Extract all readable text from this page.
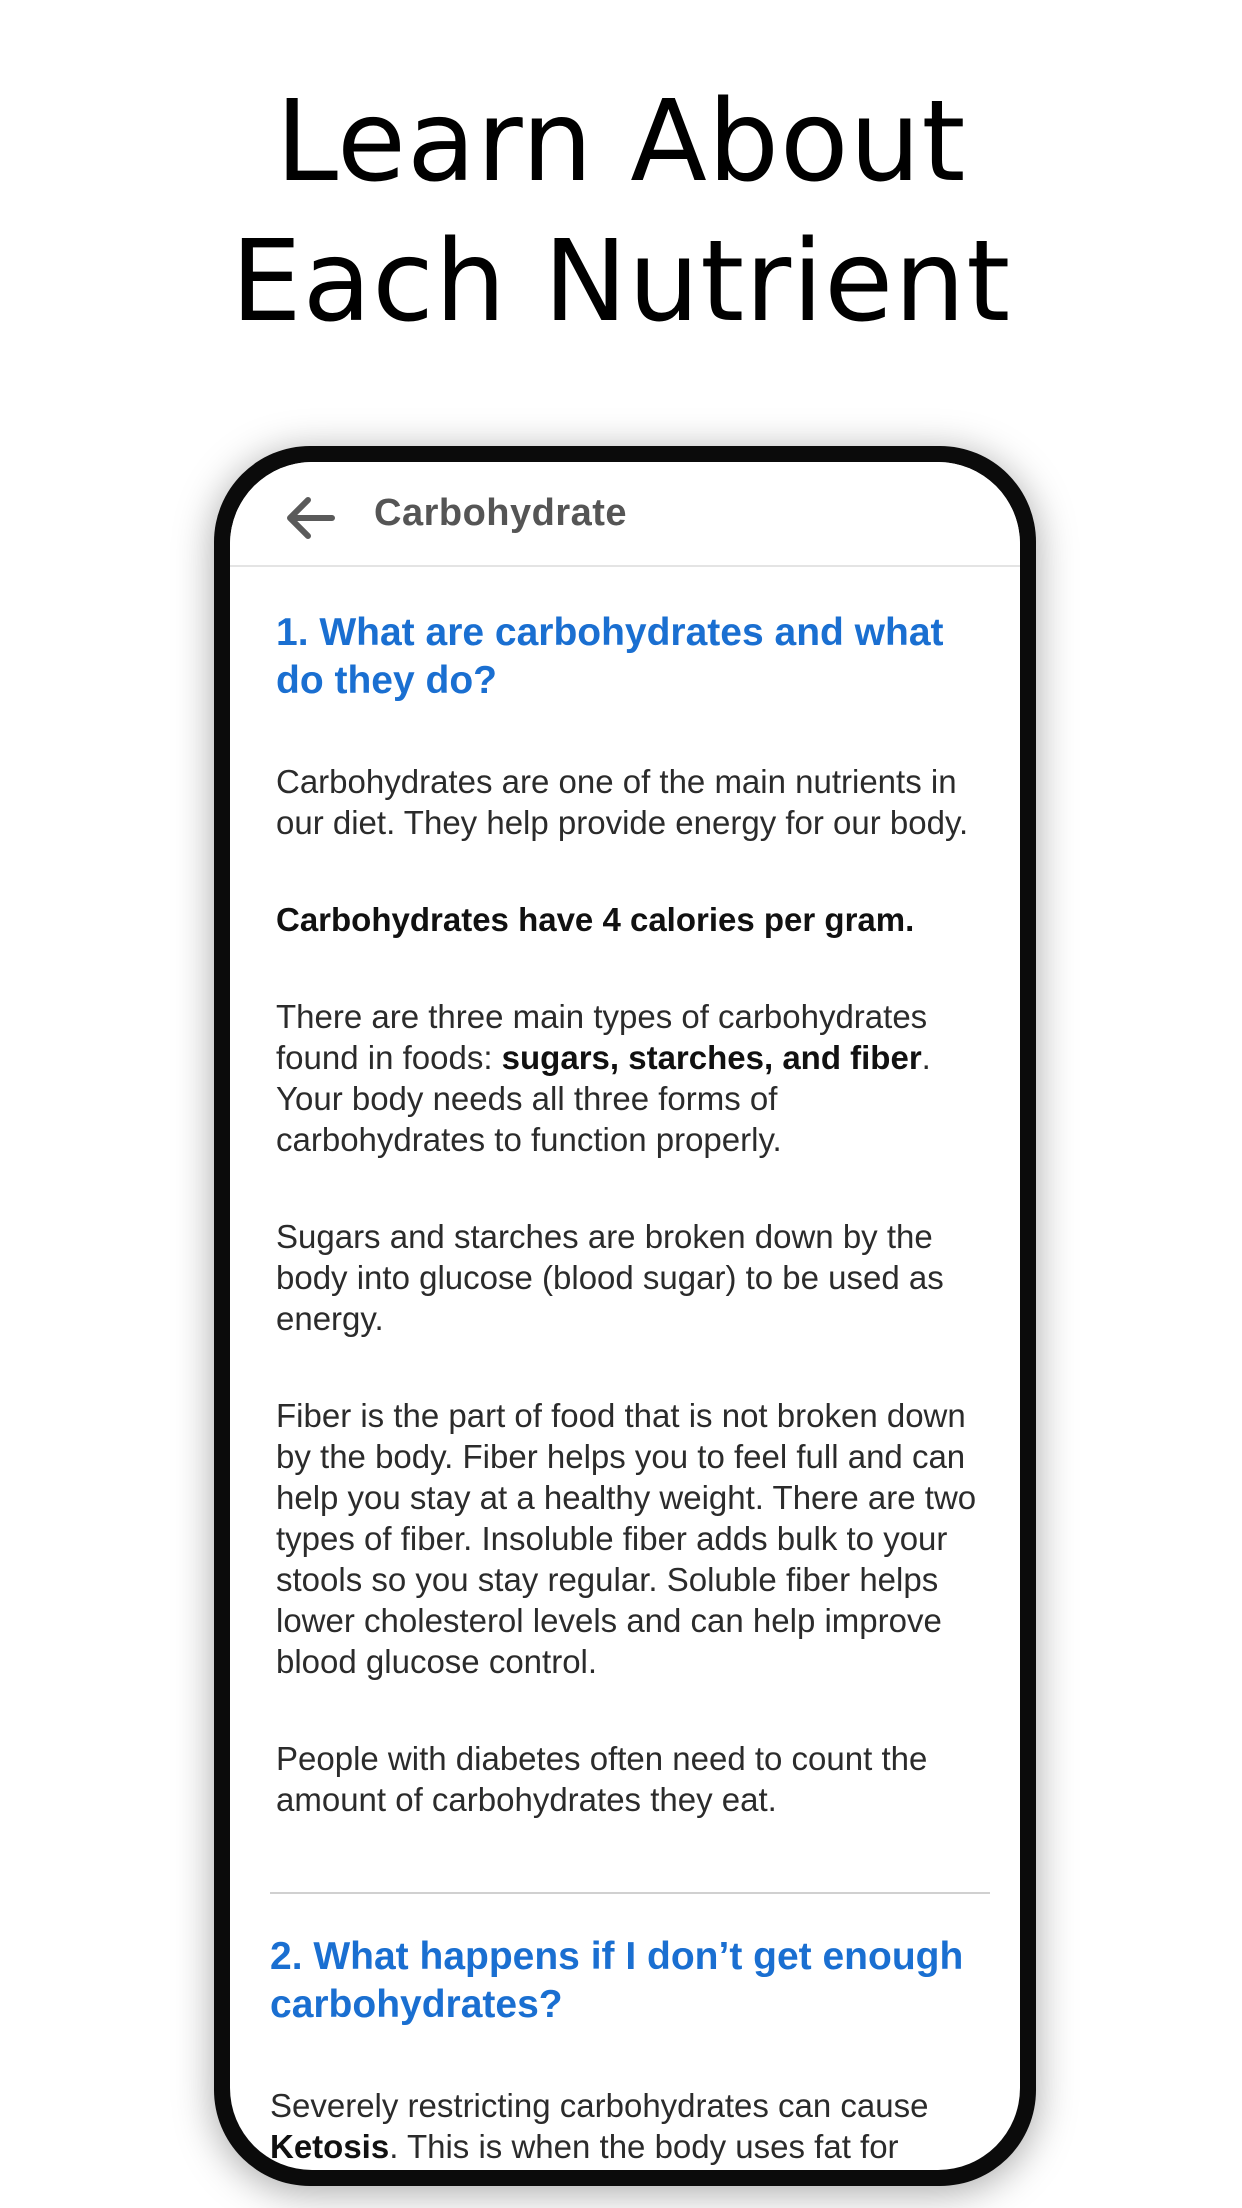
Learn About
Each Nutrient
Carbohydrate
1. What are carbohydrates and what do they do?

Carbohydrates are one of the main nutrients in our diet. They help provide energy for our body.

Carbohydrates have 4 calories per gram.

There are three main types of carbohydrates found in foods: sugars, starches, and fiber. Your body needs all three forms of carbohydrates to function properly.

Sugars and starches are broken down by the body into glucose (blood sugar) to be used as energy.

Fiber is the part of food that is not broken down by the body. Fiber helps you to feel full and can help you stay at a healthy weight. There are two types of fiber. Insoluble fiber adds bulk to your stools so you stay regular. Soluble fiber helps lower cholesterol levels and can help improve blood glucose control.

People with diabetes often need to count the amount of carbohydrates they eat.

2. What happens if I don’t get enough carbohydrates?

Severely restricting carbohydrates can cause Ketosis. This is when the body uses fat for
